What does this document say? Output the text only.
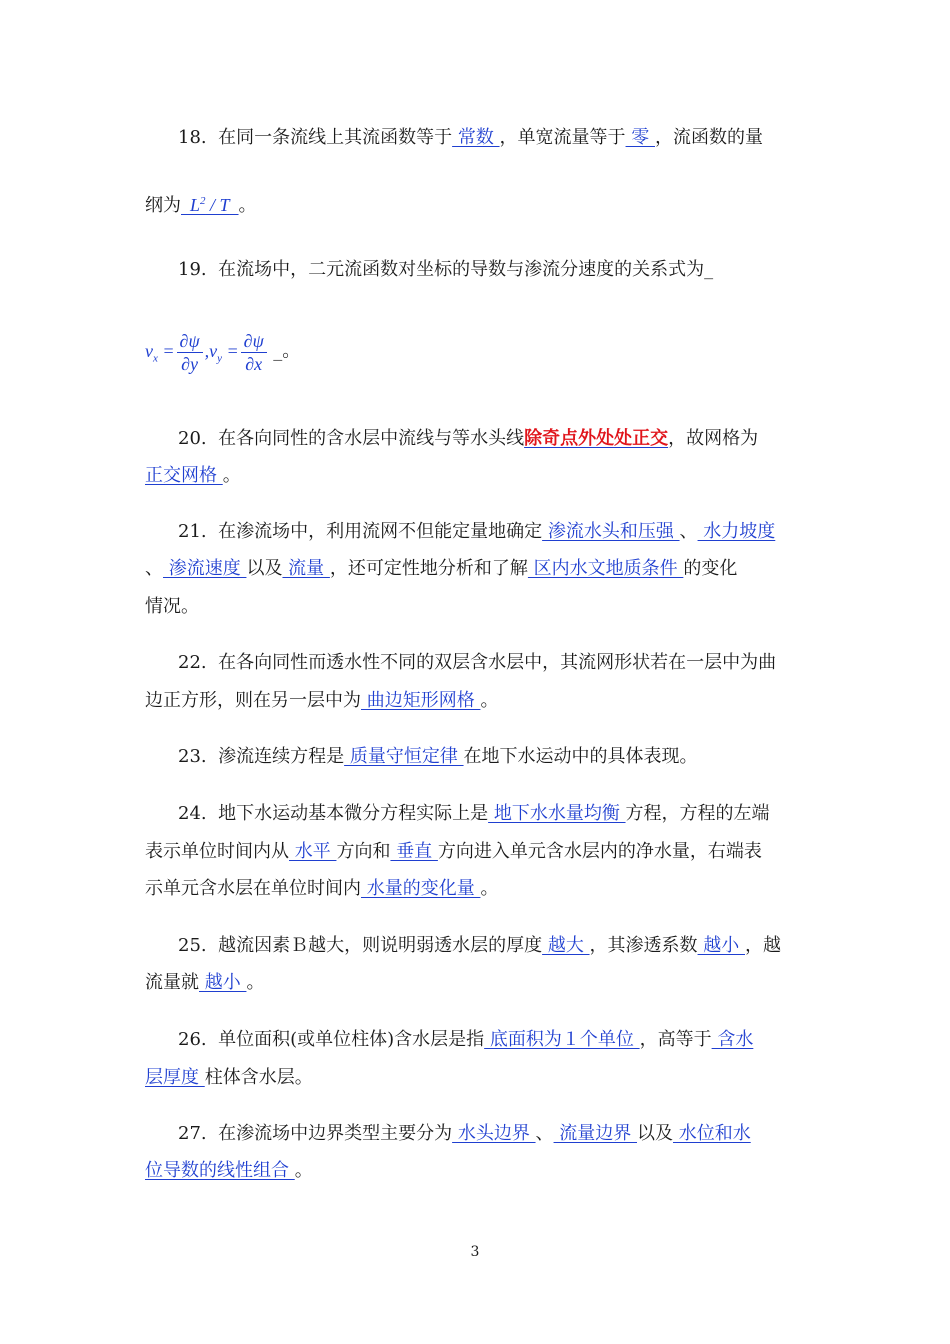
18. 在同一条流线上其流函数等于 常数 ，单宽流量等于 零 ，流函数的量
纲为 $L^2$ / T 。
19. 在流场中，二元流函数对坐标的导数与渗流分速度的关系式为_
$v_x = \frac{\partial\psi}{\partial y} ,v_y = \frac{\partial\psi}{\partial x}$ _。
20. 在各向同性的含水层中流线与等水头线除奇点外处处正交，故网格为
正交网格 。
21. 在渗流场中，利用流网不但能定量地确定 渗流水头和压强 、 水力坡度
、 渗流速度 以及 流量 ，还可定性地分析和了解 区内水文地质条件 的变化
情况。
22. 在各向同性而透水性不同的双层含水层中，其流网形状若在一层中为曲
边正方形，则在另一层中为 曲边矩形网格 。
23. 渗流连续方程是 质量守恒定律 在地下水运动中的具体表现。
24. 地下水运动基本微分方程实际上是 地下水水量均衡 方程，方程的左端
表示单位时间内从 水平 方向和 垂直 方向进入单元含水层内的净水量，右端表
示单元含水层在单位时间内 水量的变化量 。
25. 越流因素Ｂ越大，则说明弱透水层的厚度 越大 ，其渗透系数 越小 ，越
流量就 越小 。
26. 单位面积(或单位柱体)含水层是指 底面积为１个单位 ，高等于 含水
层厚度 柱体含水层。
27. 在渗流场中边界类型主要分为 水头边界 、 流量边界 以及 水位和水
位导数的线性组合 。
3
